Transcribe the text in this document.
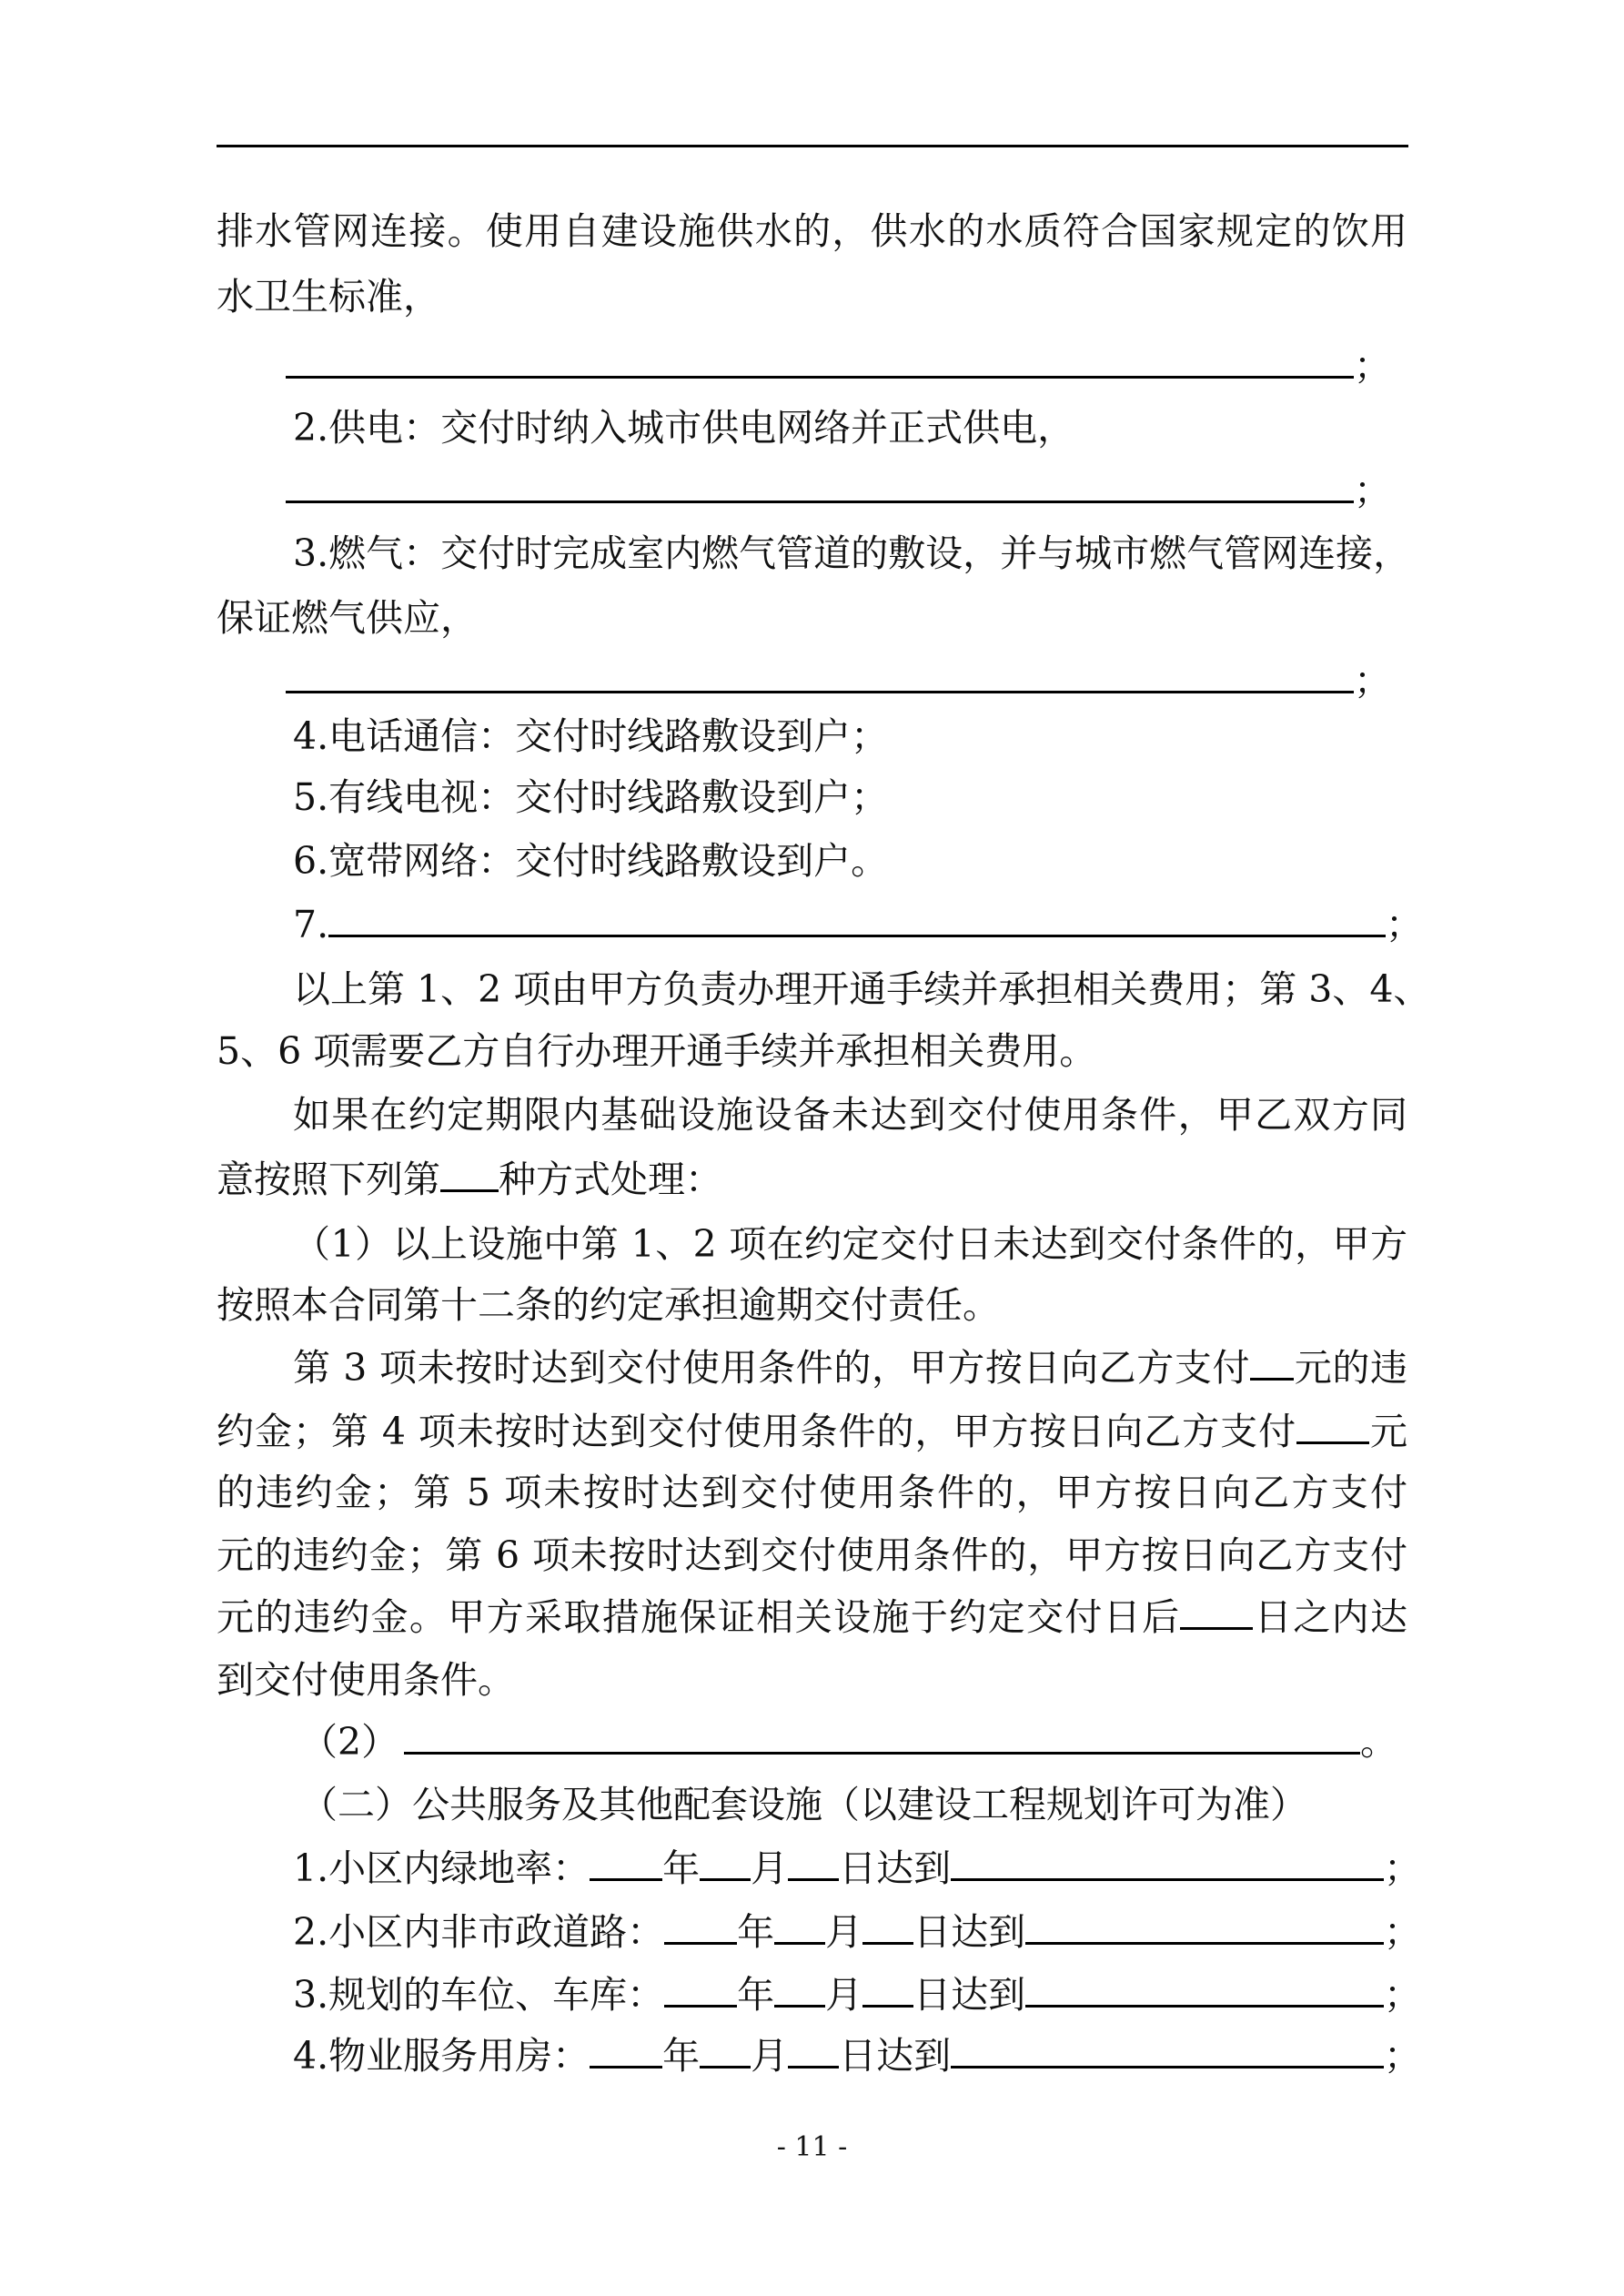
排水管网连接。使用自建设施供水的，供水的水质符合国家规定的饮用
水卫生标准，
；
2.供电：交付时纳入城市供电网络并正式供电，
；
3.燃气：交付时完成室内燃气管道的敷设，并与城市燃气管网连接，
保证燃气供应，
；
4.电话通信：交付时线路敷设到户；
5.有线电视：交付时线路敷设到户；
6.宽带网络：交付时线路敷设到户。
7.	；
以上第 1、2 项由甲方负责办理开通手续并承担相关费用；第 3、4、
5、6 项需要乙方自行办理开通手续并承担相关费用。
如果在约定期限内基础设施设备未达到交付使用条件，甲乙双方同
意按照下列第 种方式处理：
（1）以上设施中第 1、2 项在约定交付日未达到交付条件的，甲方
按照本合同第十二条的约定承担逾期交付责任。
第 3 项未按时达到交付使用条件的，甲方按日向乙方支付 元的违
约金；第 4 项未按时达到交付使用条件的，甲方按日向乙方支付 元
的违约金；第 5 项未按时达到交付使用条件的，甲方按日向乙方支付
元的违约金；第 6 项未按时达到交付使用条件的，甲方按日向乙方支付
元的违约金。甲方采取措施保证相关设施于约定交付日后 日之内达
到交付使用条件。
（2）	。
（二）公共服务及其他配套设施（以建设工程规划许可为准）
1.小区内绿地率： 年 月 日达到	；
2.小区内非市政道路： 年 月 日达到	；
3.规划的车位、车库： 年 月 日达到	；
4.物业服务用房： 年 月 日达到	；
- 11 -
